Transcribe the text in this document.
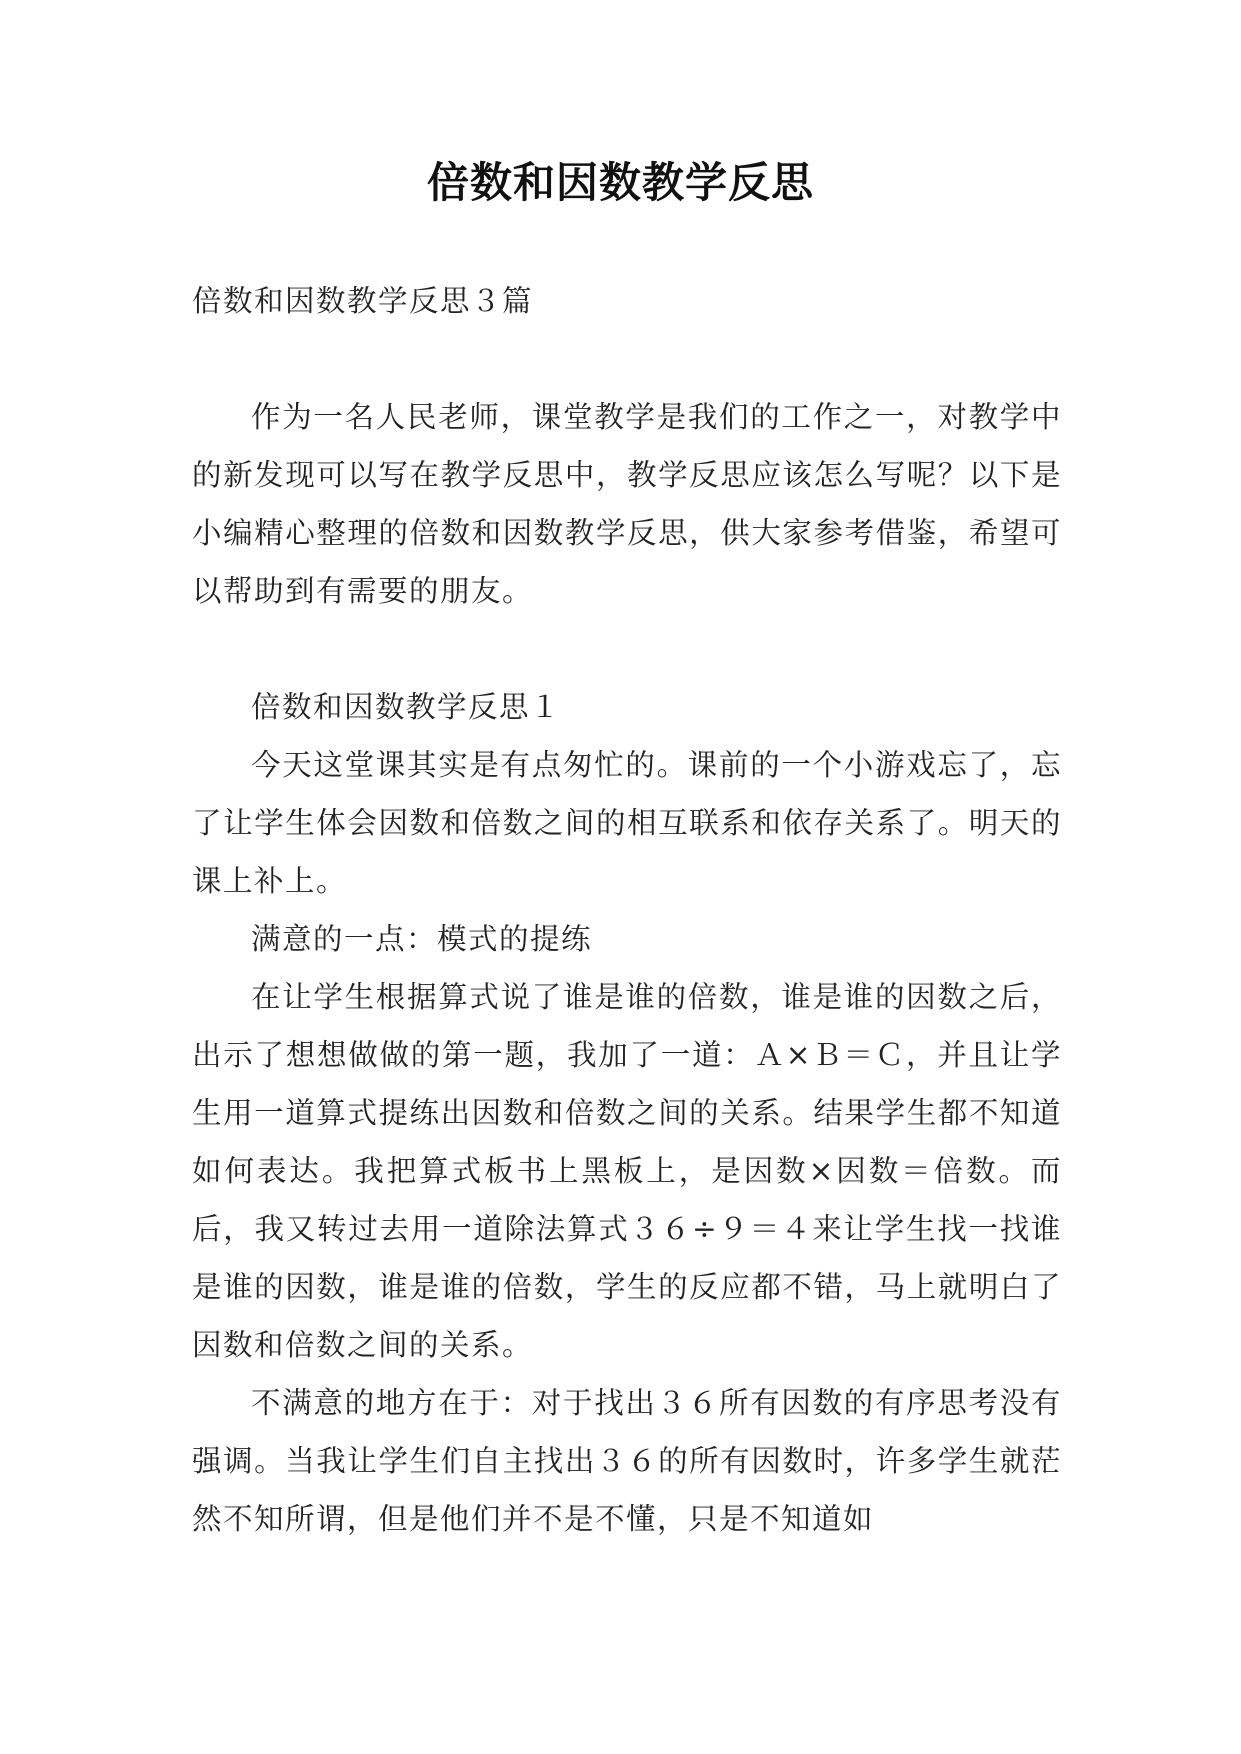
倍数和因数教学反思

倍数和因数教学反思３篇

作为一名人民老师，课堂教学是我们的工作之一，对教学中的新发现可以写在教学反思中，教学反思应该怎么写呢？以下是小编精心整理的倍数和因数教学反思，供大家参考借鉴，希望可以帮助到有需要的朋友。

倍数和因数教学反思１

今天这堂课其实是有点匆忙的。课前的一个小游戏忘了，忘了让学生体会因数和倍数之间的相互联系和依存关系了。明天的课上补上。

满意的一点：模式的提练

在让学生根据算式说了谁是谁的倍数，谁是谁的因数之后，出示了想想做做的第一题，我加了一道：Ａ×Ｂ＝Ｃ，并且让学生用一道算式提练出因数和倍数之间的关系。结果学生都不知道如何表达。我把算式板书上黑板上，是因数×因数＝倍数。而后，我又转过去用一道除法算式３６÷９＝４来让学生找一找谁是谁的因数，谁是谁的倍数，学生的反应都不错，马上就明白了因数和倍数之间的关系。

不满意的地方在于：对于找出３６所有因数的有序思考没有强调。当我让学生们自主找出３６的所有因数时，许多学生就茫然不知所谓，但是他们并不是不懂，只是不知道如
